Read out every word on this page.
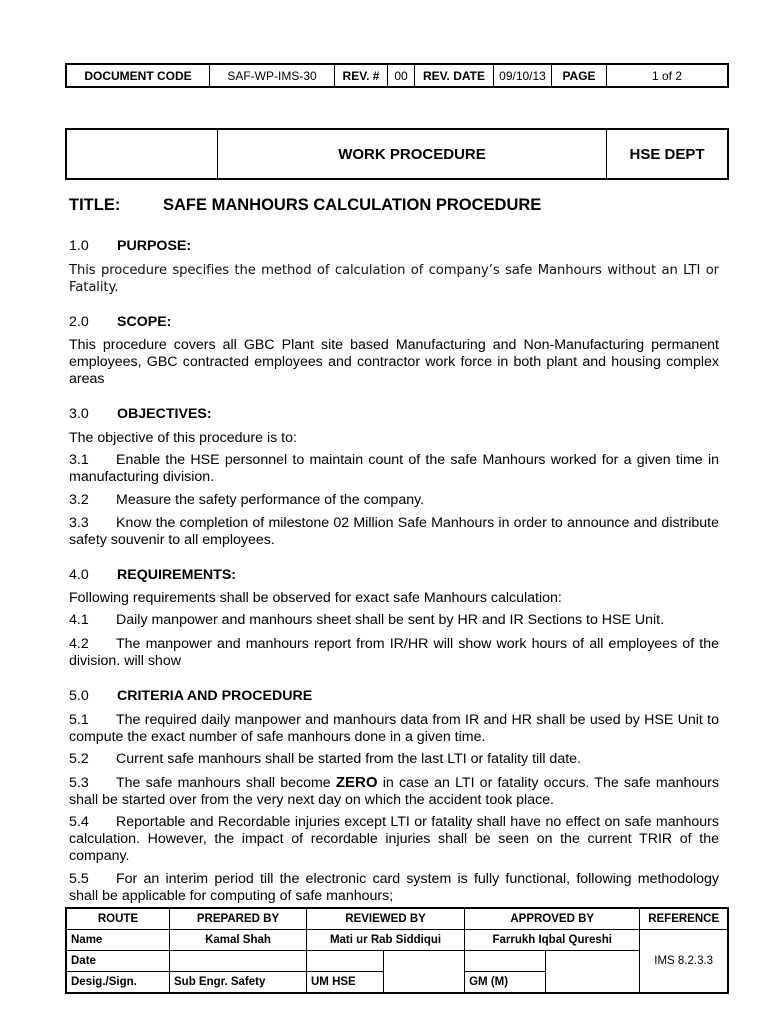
DOCUMENT CODE	SAF-WP-IMS-30	REV. #	00	REV. DATE	09/10/13	PAGE	1 of 2
	WORK PROCEDURE	HSE DEPT
TITLE:	SAFE MANHOURS CALCULATION PROCEDURE
1.0 PURPOSE:
This procedure specifies the method of calculation of company’s safe Manhours without an LTI or Fatality.
2.0 SCOPE:
This procedure covers all GBC Plant site based Manufacturing and Non-Manufacturing permanent employees, GBC contracted employees and contractor work force in both plant and housing complex areas
3.0 OBJECTIVES:
The objective of this procedure is to:
3.1 Enable the HSE personnel to maintain count of the safe Manhours worked for a given time in manufacturing division.
3.2 Measure the safety performance of the company.
3.3 Know the completion of milestone 02 Million Safe Manhours in order to announce and distribute safety souvenir to all employees.
4.0 REQUIREMENTS:
Following requirements shall be observed for exact safe Manhours calculation:
4.1 Daily manpower and manhours sheet shall be sent by HR and IR Sections to HSE Unit.
4.2 The manpower and manhours report from IR/HR will show work hours of all employees of the division. will show
5.0 CRITERIA AND PROCEDURE
5.1 The required daily manpower and manhours data from IR and HR shall be used by HSE Unit to compute the exact number of safe manhours done in a given time.
5.2 Current safe manhours shall be started from the last LTI or fatality till date.
5.3 The safe manhours shall become ZERO in case an LTI or fatality occurs. The safe manhours shall be started over from the very next day on which the accident took place.
5.4 Reportable and Recordable injuries except LTI or fatality shall have no effect on safe manhours calculation. However, the impact of recordable injuries shall be seen on the current TRIR of the company.
5.5 For an interim period till the electronic card system is fully functional, following methodology shall be applicable for computing of safe manhours;
ROUTE	PREPARED BY	REVIEWED BY		APPROVED BY		REFERENCE
Name	Kamal Shah	Mati ur Rab Siddiqui		Farrukh Iqbal Qureshi		IMS 8.2.3.3
Date						
Desig./Sign.	Sub Engr. Safety	UM HSE		GM (M)		
